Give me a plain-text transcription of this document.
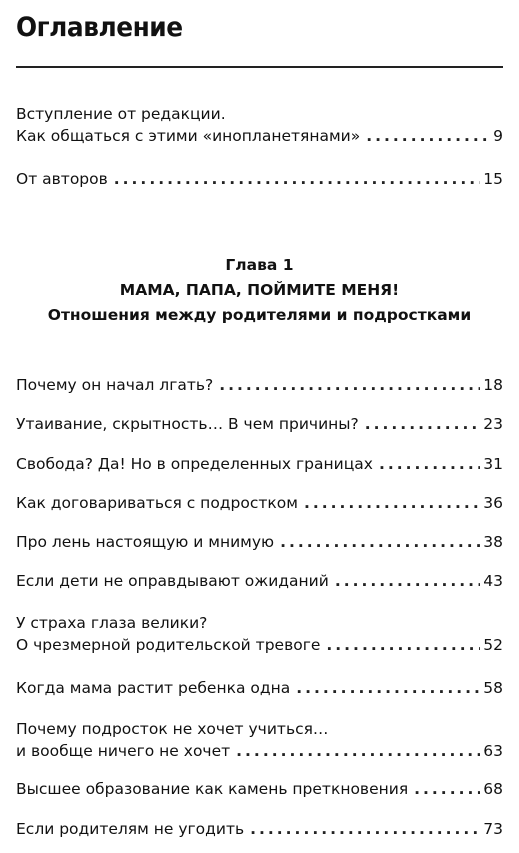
Оглавление
Вступление от редакции.
Как общаться с этими «инопланетянами» .....	9
От авторов .....	15
Глава 1
МАМА, ПАПА, ПОЙМИТЕ МЕНЯ!
Отношения между родителями и подростками
Почему он начал лгать? .....	18
Утаивание, скрытность… В чем причины? .....	23
Свобода? Да! Но в определенных границах .....	31
Как договариваться с подростком .....	36
Про лень настоящую и мнимую .....	38
Если дети не оправдывают ожиданий .....	43
У страха глаза велики?
О чрезмерной родительской тревоге .....	52
Когда мама растит ребенка одна .....	58
Почему подросток не хочет учиться…
и вообще ничего не хочет .....	63
Высшее образование как камень преткновения .....	68
Если родителям не угодить .....	73
